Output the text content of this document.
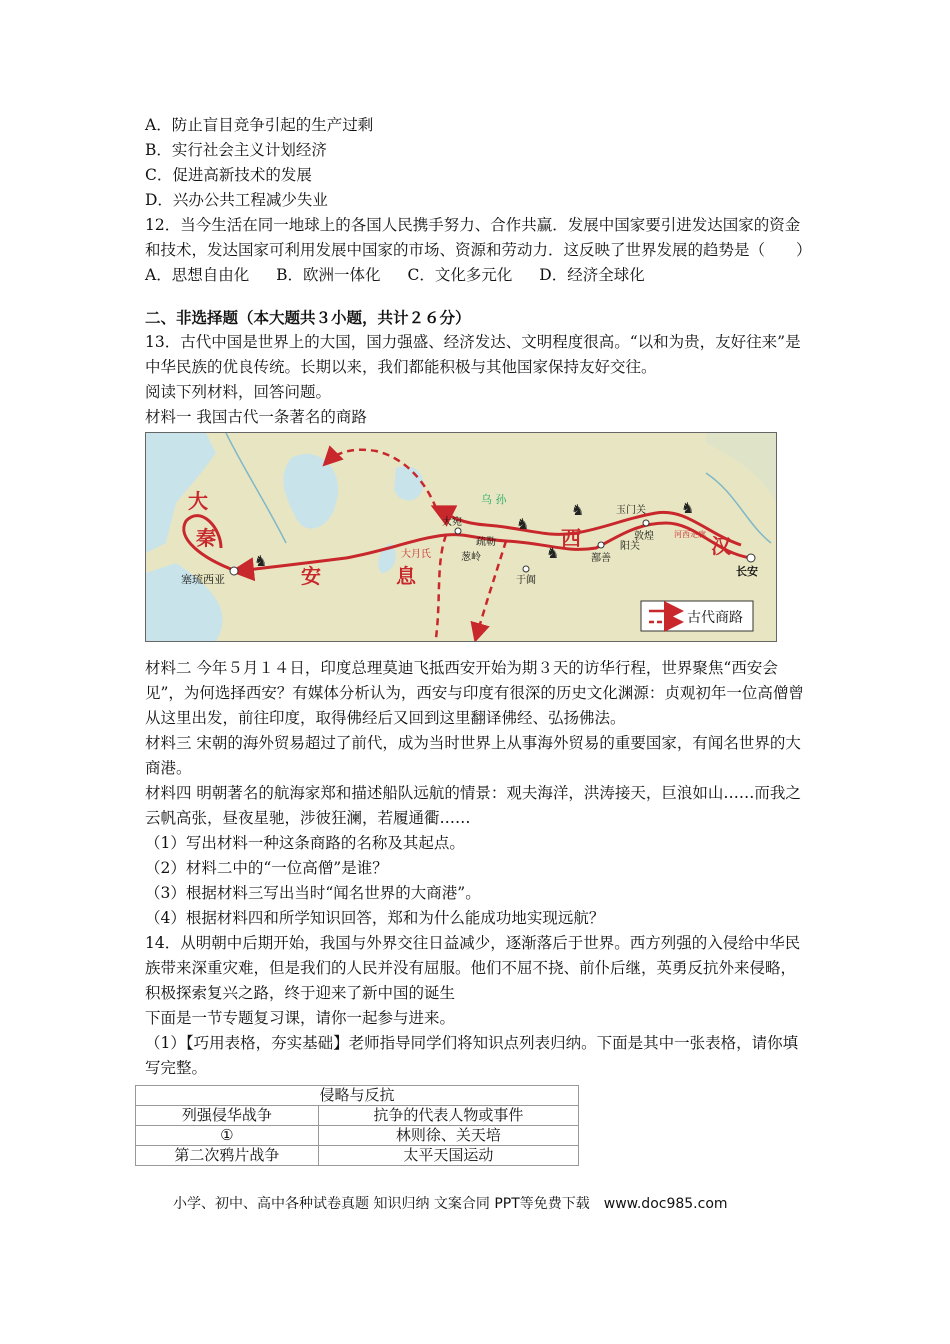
A．防止盲目竞争引起的生产过剩
B．实行社会主义计划经济
C．促进高新技术的发展
D．兴办公共工程减少失业
12．当今生活在同一地球上的各国人民携手努力、合作共赢．发展中国家要引进发达国家的资金和技术，发达国家可利用发展中国家的市场、资源和劳动力．这反映了世界发展的趋势是（　　）
A．思想自由化 B．欧洲一体化 C．文化多元化 D．经济全球化
二、非选择题（本大题共３小题，共计２６分）
13．古代中国是世界上的大国，国力强盛、经济发达、文明程度很高。“以和为贵，友好往来”是中华民族的优良传统。长期以来，我们都能积极与其他国家保持友好交往。
阅读下列材料，回答问题。
材料一 我国古代一条著名的商路
♞
♞
♞
♞	♞
大
秦
安	息
西	汉
乌 孙
大宛
疏勒
葱岭
大月氏
于阗
鄯善
敦煌
玉门关
阳关
河西走廊
长安
塞琉西亚
古代商路
材料二 今年５月１４日，印度总理莫迪飞抵西安开始为期３天的访华行程，世界聚焦“西安会见”，为何选择西安？有媒体分析认为，西安与印度有很深的历史文化渊源：贞观初年一位高僧曾从这里出发，前往印度，取得佛经后又回到这里翻译佛经、弘扬佛法。
材料三 宋朝的海外贸易超过了前代，成为当时世界上从事海外贸易的重要国家，有闻名世界的大商港。
材料四 明朝著名的航海家郑和描述船队远航的情景：观夫海洋，洪涛接天，巨浪如山……而我之云帆高张，昼夜星驰，涉彼狂澜，若履通衢……
（1）写出材料一种这条商路的名称及其起点。
（2）材料二中的“一位高僧”是谁？
（3）根据材料三写出当时“闻名世界的大商港”。
（4）根据材料四和所学知识回答，郑和为什么能成功地实现远航？
14．从明朝中后期开始，我国与外界交往日益减少，逐渐落后于世界。西方列强的入侵给中华民族带来深重灾难，但是我们的人民并没有屈服。他们不屈不挠、前仆后继，英勇反抗外来侵略，积极探索复兴之路，终于迎来了新中国的诞生
下面是一节专题复习课，请你一起参与进来。
（1）【巧用表格，夯实基础】老师指导同学们将知识点列表归纳。下面是其中一张表格，请你填写完整。
侵略与反抗	
列强侵华战争	抗争的代表人物或事件
①	林则徐、关天培
第二次鸦片战争	太平天国运动
小学、初中、高中各种试卷真题 知识归纳 文案合同 PPT等免费下载　www.doc985.com
